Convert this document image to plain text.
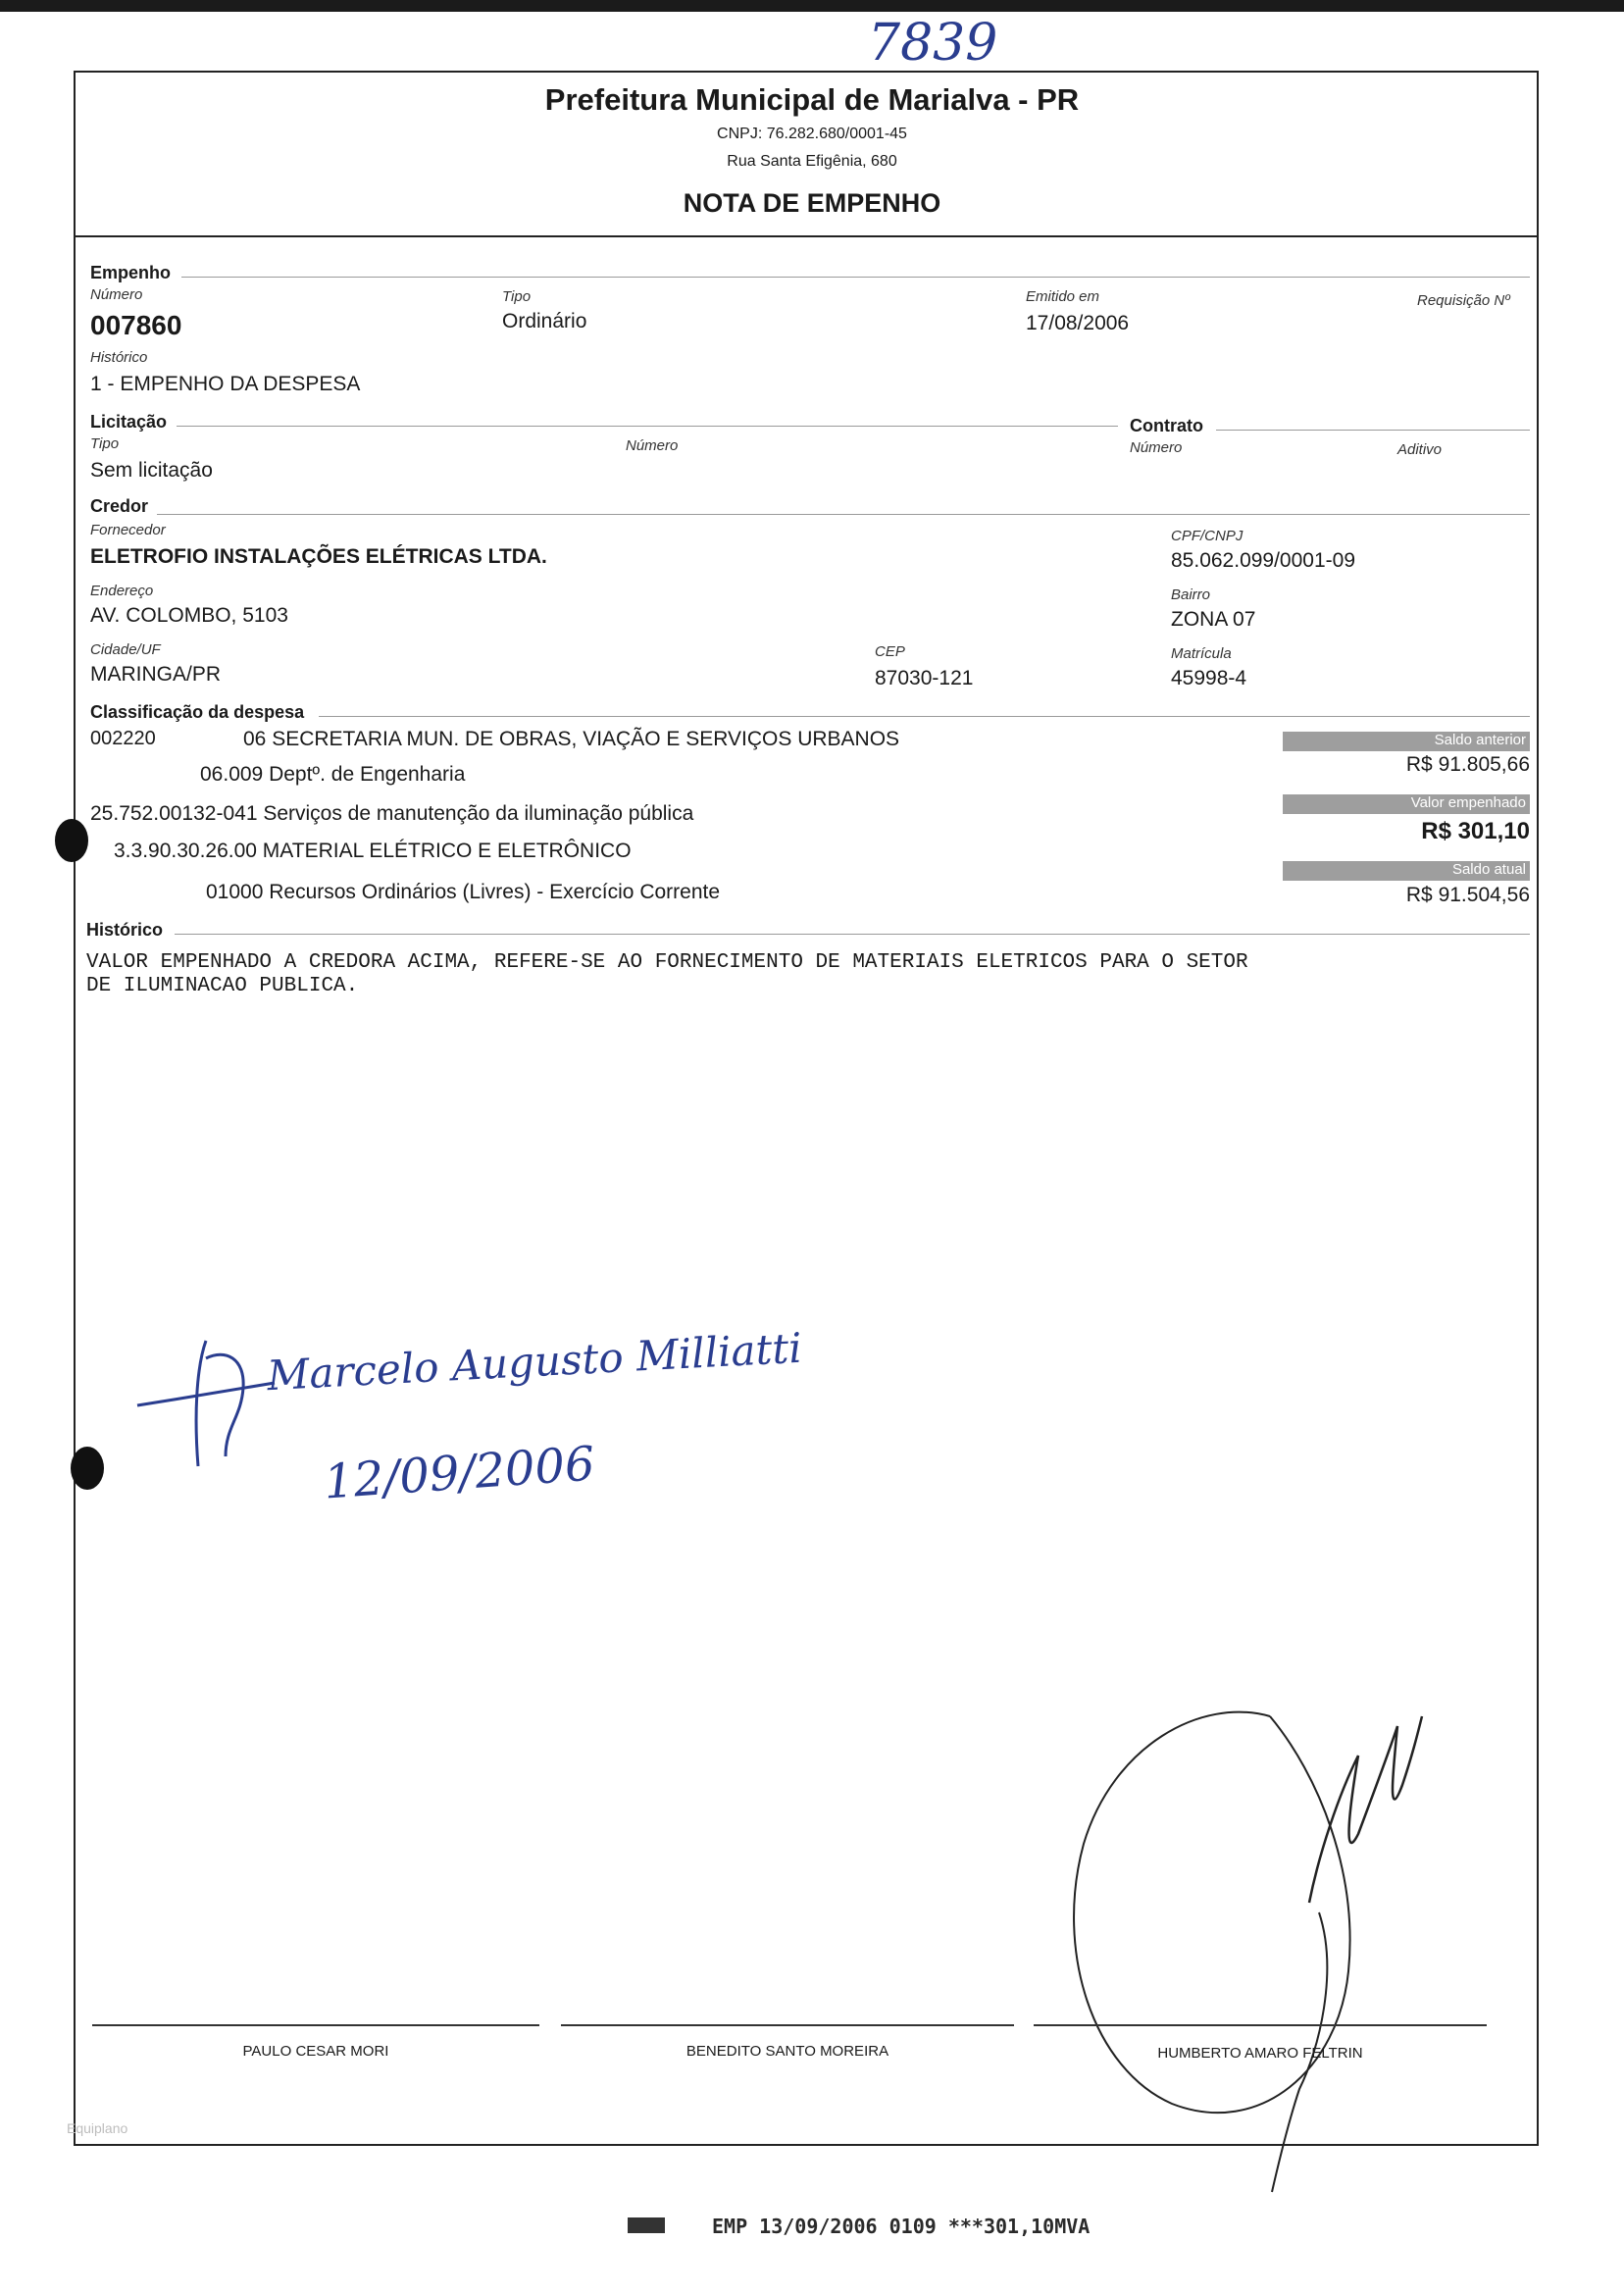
7839
Prefeitura Municipal de Marialva - PR
CNPJ: 76.282.680/0001-45
Rua Santa Efigênia, 680
NOTA DE EMPENHO
Empenho
Número
007860
Tipo
Ordinário
Emitido em
17/08/2006
Requisição Nº
Histórico
1 - EMPENHO DA DESPESA
Licitação
Tipo
Sem licitação
Número
Contrato
Número	Aditivo
Credor
Fornecedor
ELETROFIO INSTALAÇÕES ELÉTRICAS LTDA.
CPF/CNPJ
85.062.099/0001-09
Endereço
AV. COLOMBO, 5103
Bairro
ZONA 07
Cidade/UF
MARINGA/PR
CEP
87030-121
Matrícula
45998-4
Classificação da despesa
002220	06 SECRETARIA MUN. DE OBRAS, VIAÇÃO E SERVIÇOS URBANOS
06.009 Deptº. de Engenharia
25.752.00132-041 Serviços de manutenção da iluminação pública
3.3.90.30.26.00 MATERIAL ELÉTRICO E ELETRÔNICO
01000 Recursos Ordinários (Livres) - Exercício Corrente
Saldo anterior
R$ 91.805,66
Valor empenhado
R$ 301,10
Saldo atual
R$ 91.504,56
Histórico
VALOR EMPENHADO A CREDORA ACIMA, REFERE-SE AO FORNECIMENTO DE MATERIAIS ELETRICOS PARA O SETOR
DE ILUMINACAO PUBLICA.
Marcelo Augusto Milliatti
12/09/2006
PAULO CESAR MORI	BENEDITO SANTO MOREIRA	HUMBERTO AMARO FELTRIN
Equiplano
EMP 13/09/2006 0109 ***301,10MVA
